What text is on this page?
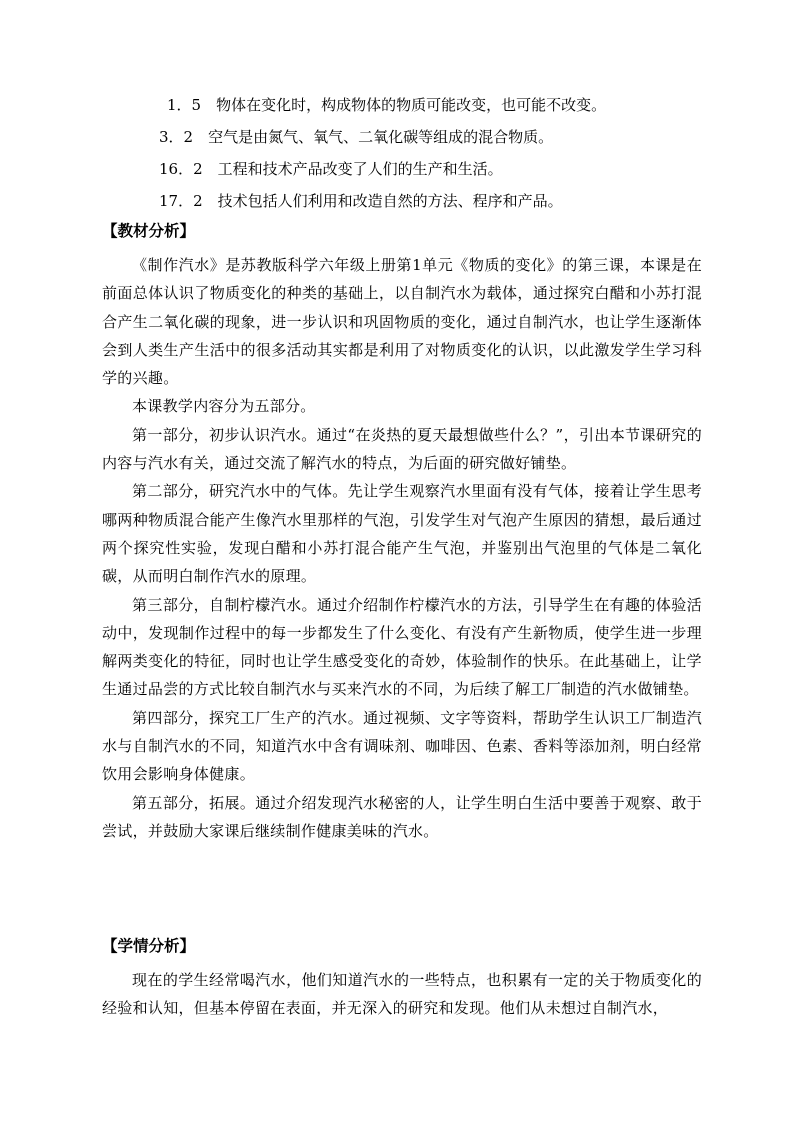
1．5　物体在变化时，构成物体的物质可能改变，也可能不改变。
3．2　空气是由氮气、氧气、二氧化碳等组成的混合物质。
16．2　工程和技术产品改变了人们的生产和生活。
17．2　技术包括人们利用和改造自然的方法、程序和产品。
【教材分析】

《制作汽水》是苏教版科学六年级上册第1单元《物质的变化》的第三课，本课是在前面总体认识了物质变化的种类的基础上，以自制汽水为载体，通过探究白醋和小苏打混合产生二氧化碳的现象，进一步认识和巩固物质的变化，通过自制汽水，也让学生逐渐体会到人类生产生活中的很多活动其实都是利用了对物质变化的认识，以此激发学生学习科学的兴趣。

本课教学内容分为五部分。

第一部分，初步认识汽水。通过“在炎热的夏天最想做些什么？”，引出本节课研究的内容与汽水有关，通过交流了解汽水的特点，为后面的研究做好铺垫。

第二部分，研究汽水中的气体。先让学生观察汽水里面有没有气体，接着让学生思考哪两种物质混合能产生像汽水里那样的气泡，引发学生对气泡产生原因的猜想，最后通过两个探究性实验，发现白醋和小苏打混合能产生气泡，并鉴别出气泡里的气体是二氧化碳，从而明白制作汽水的原理。

第三部分，自制柠檬汽水。通过介绍制作柠檬汽水的方法，引导学生在有趣的体验活动中，发现制作过程中的每一步都发生了什么变化、有没有产生新物质，使学生进一步理解两类变化的特征，同时也让学生感受变化的奇妙，体验制作的快乐。在此基础上，让学生通过品尝的方式比较自制汽水与买来汽水的不同，为后续了解工厂制造的汽水做铺垫。

第四部分，探究工厂生产的汽水。通过视频、文字等资料，帮助学生认识工厂制造汽水与自制汽水的不同，知道汽水中含有调味剂、咖啡因、色素、香料等添加剂，明白经常饮用会影响身体健康。

第五部分，拓展。通过介绍发现汽水秘密的人，让学生明白生活中要善于观察、敢于尝试，并鼓励大家课后继续制作健康美味的汽水。

【学情分析】

现在的学生经常喝汽水，他们知道汽水的一些特点，也积累有一定的关于物质变化的经验和认知，但基本停留在表面，并无深入的研究和发现。他们从未想过自制汽水，
